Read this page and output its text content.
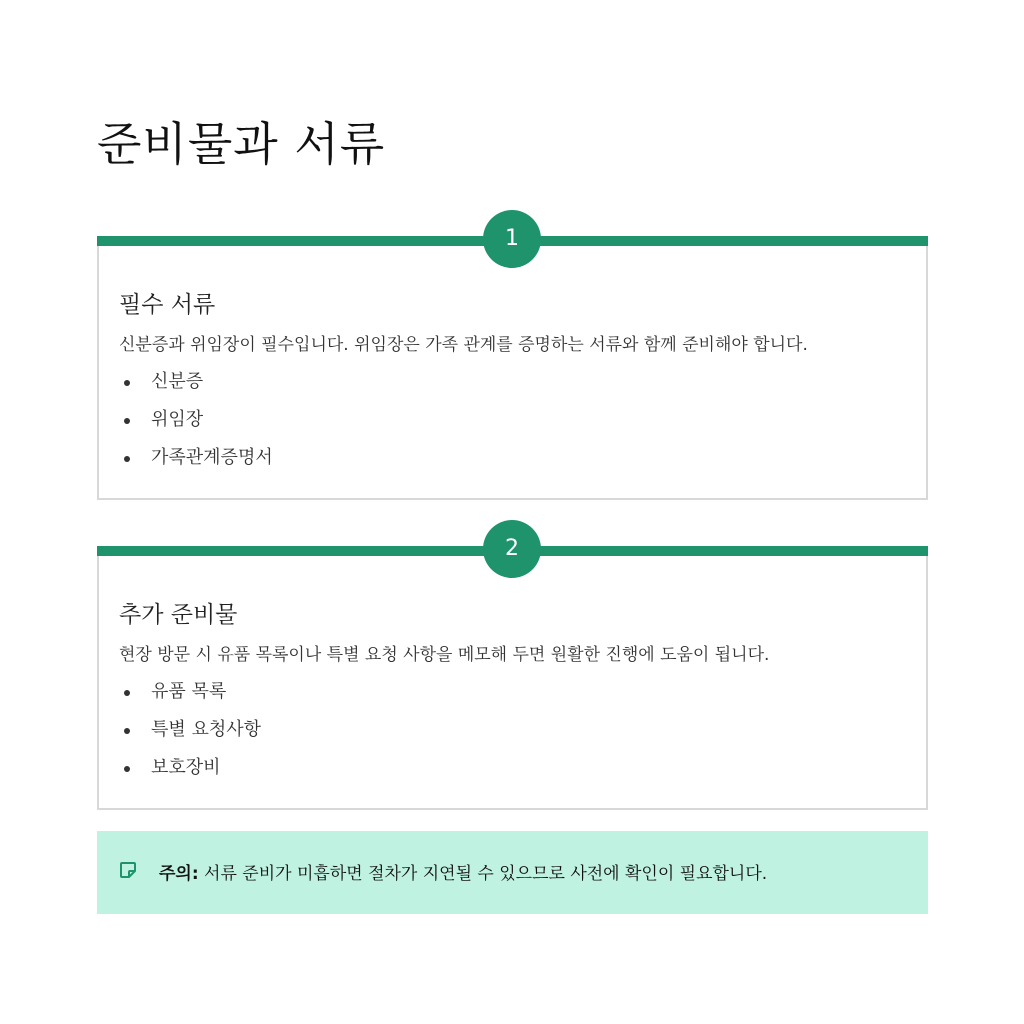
준비물과 서류
1
필수 서류

신분증과 위임장이 필수입니다. 위임장은 가족 관계를 증명하는 서류와 함께 준비해야 합니다.

신분증
위임장
가족관계증명서
2
추가 준비물

현장 방문 시 유품 목록이나 특별 요청 사항을 메모해 두면 원활한 진행에 도움이 됩니다.

유품 목록
특별 요청사항
보호장비
주의: 서류 준비가 미흡하면 절차가 지연될 수 있으므로 사전에 확인이 필요합니다.
